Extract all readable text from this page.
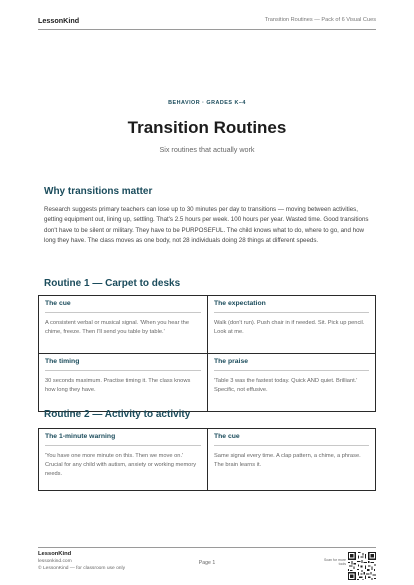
LessonKind	Transition Routines — Pack of 6 Visual Cues
BEHAVIOR · GRADES K–4
Transition Routines
Six routines that actually work
Why transitions matter

Research suggests primary teachers can lose up to 30 minutes per day to transitions — moving between activities, getting equipment out, lining up, settling. That's 2.5 hours per week. 100 hours per year. Wasted time. Good transitions don't have to be silent or military. They have to be PURPOSEFUL. The child knows what to do, where to go, and how long they have. The class moves as one body, not 28 individuals doing 28 things at different speeds.

Routine 1 — Carpet to desks
The cue

A consistent verbal or musical signal. 'When you hear the chime, freeze. Then I'll send you table by table.'

The expectation

Walk (don't run). Push chair in if needed. Sit. Pick up pencil. Look at me.

The timing

30 seconds maximum. Practise timing it. The class knows how long they have.

The praise

'Table 3 was the fastest today. Quick AND quiet. Brilliant.' Specific, not effusive.

Routine 2 — Activity to activity
The 1-minute warning

'You have one more minute on this. Then we move on.' Crucial for any child with autism, anxiety or working memory needs.

The cue

Same signal every time. A clap pattern, a chime, a phrase. The brain learns it.

LessonKind
lessonkind.com
© LessonKind — for classroom use only
Page 1	Scan for more tools
